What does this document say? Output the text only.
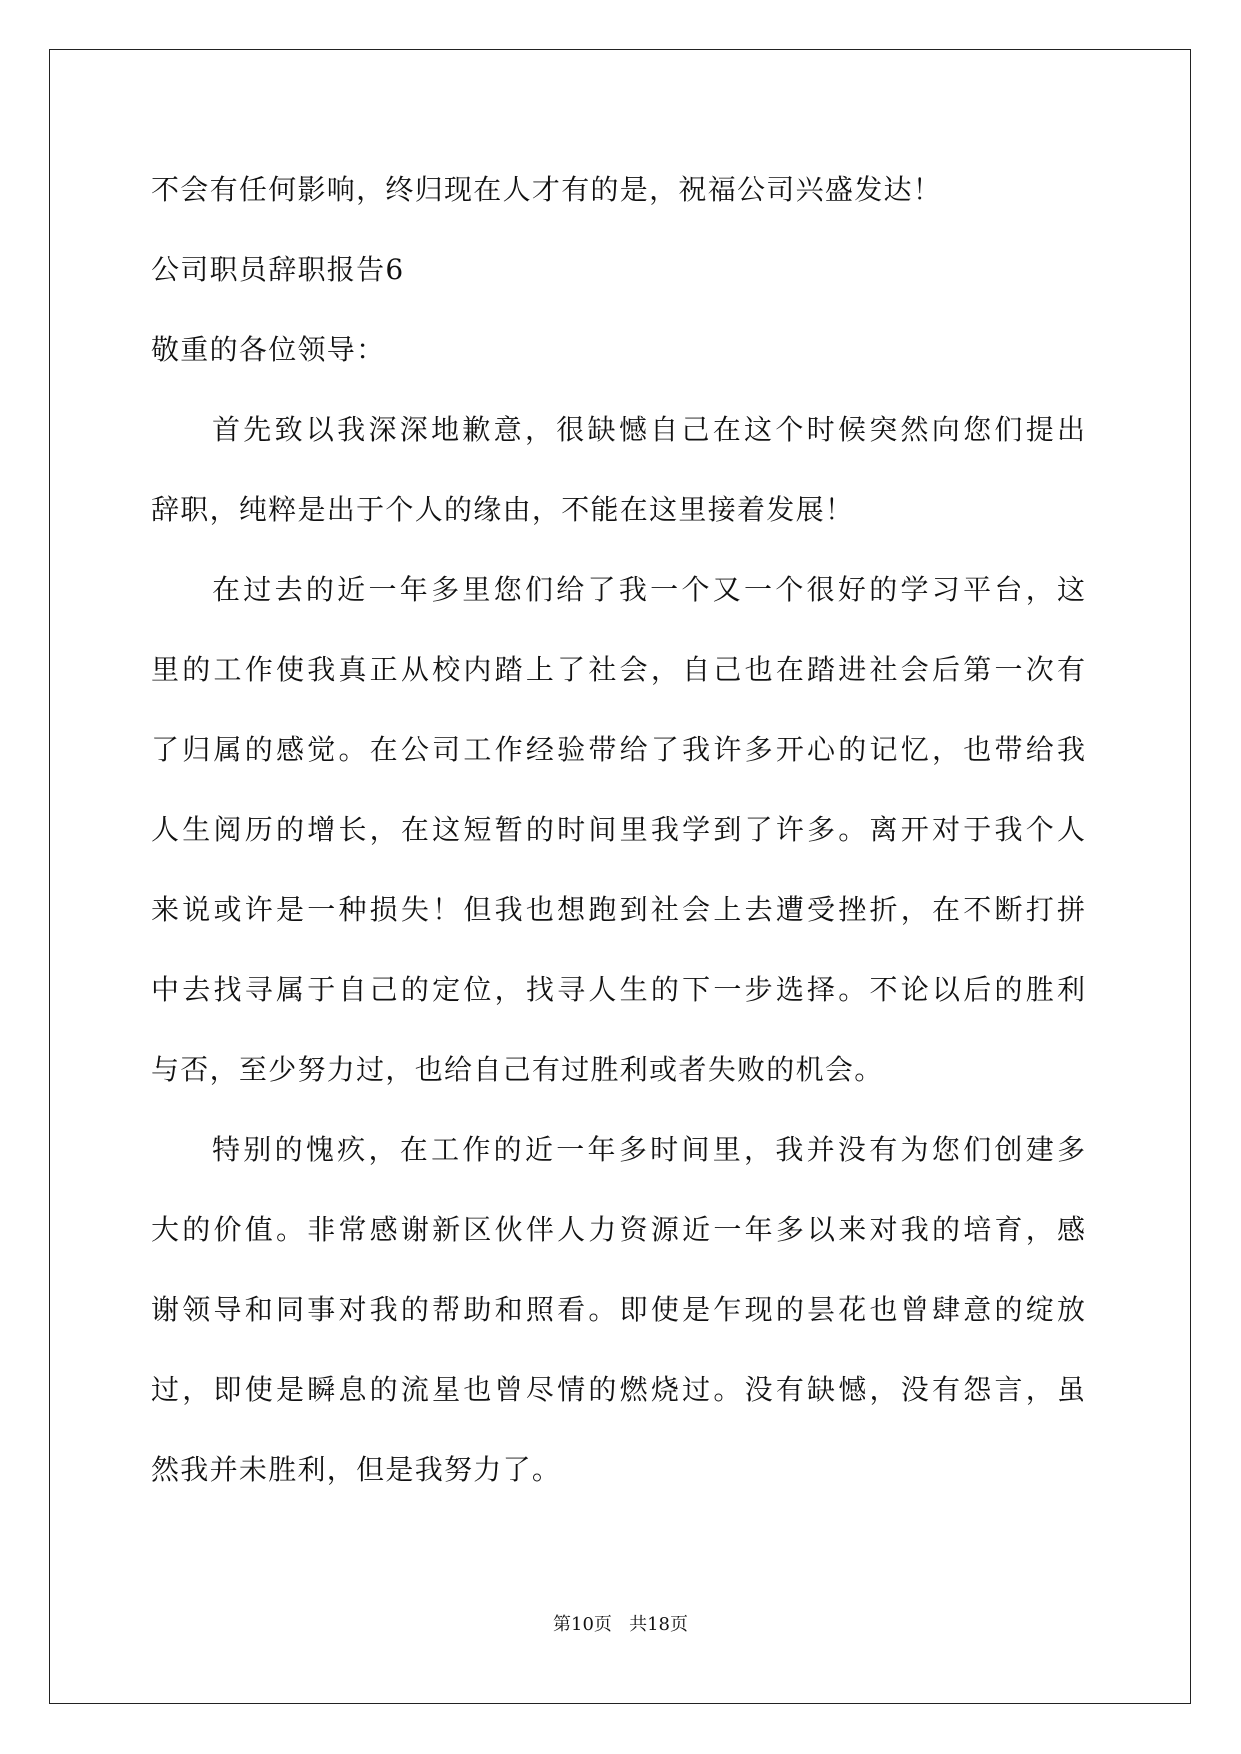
不会有任何影响，终归现在人才有的是，祝福公司兴盛发达！

公司职员辞职报告6

敬重的各位领导：

首先致以我深深地歉意，很缺憾自己在这个时候突然向您们提出

辞职，纯粹是出于个人的缘由，不能在这里接着发展！

在过去的近一年多里您们给了我一个又一个很好的学习平台，这

里的工作使我真正从校内踏上了社会，自己也在踏进社会后第一次有

了归属的感觉。在公司工作经验带给了我许多开心的记忆，也带给我

人生阅历的增长，在这短暂的时间里我学到了许多。离开对于我个人

来说或许是一种损失！但我也想跑到社会上去遭受挫折，在不断打拼

中去找寻属于自己的定位，找寻人生的下一步选择。不论以后的胜利

与否，至少努力过，也给自己有过胜利或者失败的机会。

特别的愧疚，在工作的近一年多时间里，我并没有为您们创建多

大的价值。非常感谢新区伙伴人力资源近一年多以来对我的培育，感

谢领导和同事对我的帮助和照看。即使是乍现的昙花也曾肆意的绽放

过，即使是瞬息的流星也曾尽情的燃烧过。没有缺憾，没有怨言，虽

然我并未胜利，但是我努力了。

第10页 共18页
